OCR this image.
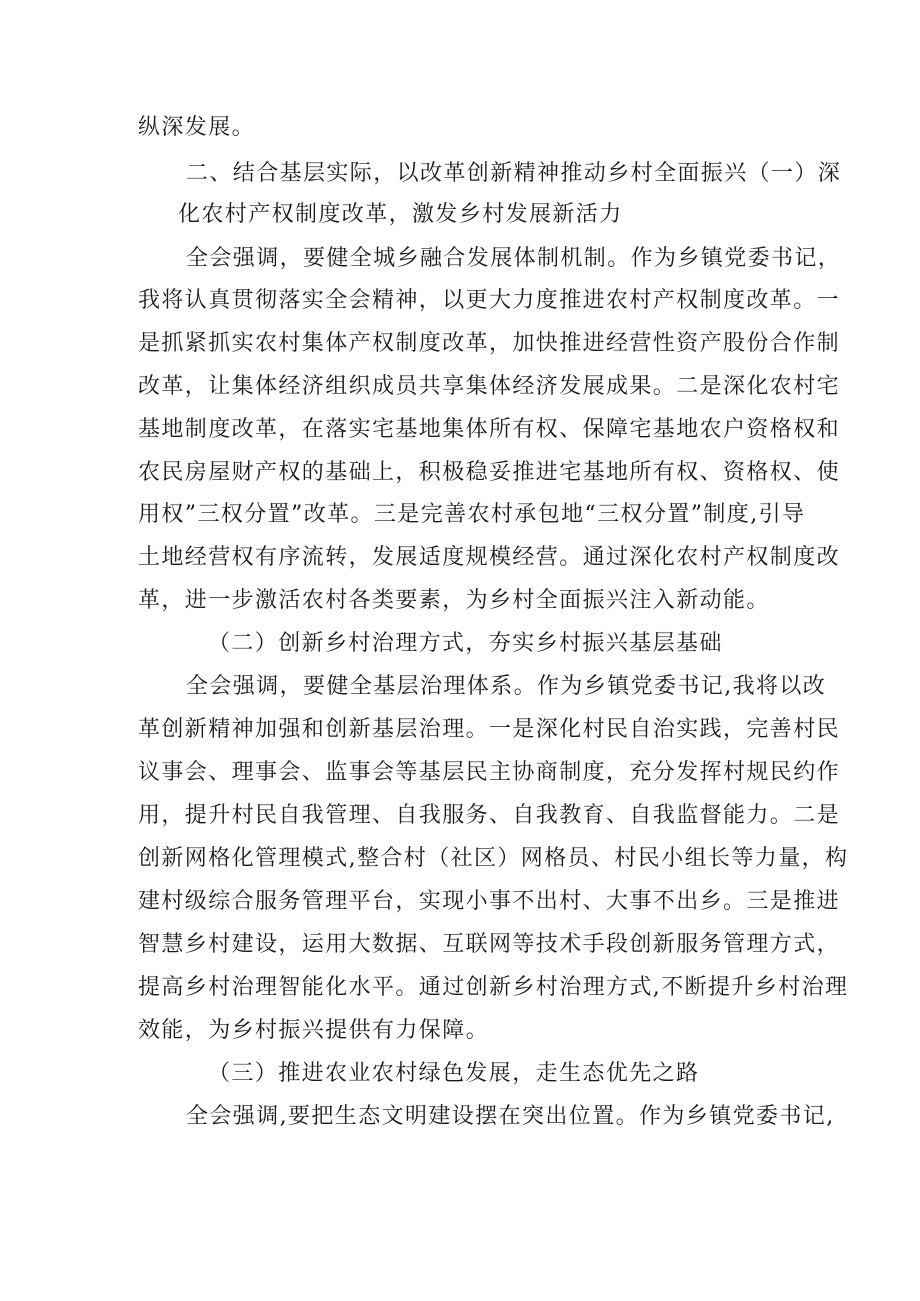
纵深发展。
二、结合基层实际，以改革创新精神推动乡村全面振兴（一）深
化农村产权制度改革，激发乡村发展新活力
全会强调，要健全城乡融合发展体制机制。作为乡镇党委书记，
我将认真贯彻落实全会精神，以更大力度推进农村产权制度改革。一
是抓紧抓实农村集体产权制度改革，加快推进经营性资产股份合作制
改革，让集体经济组织成员共享集体经济发展成果。二是深化农村宅
基地制度改革，在落实宅基地集体所有权、保障宅基地农户资格权和
农民房屋财产权的基础上，积极稳妥推进宅基地所有权、资格权、使
用权”三权分置”改革。三是完善农村承包地“三权分置”制度,引导
土地经营权有序流转，发展适度规模经营。通过深化农村产权制度改
革，进一步激活农村各类要素，为乡村全面振兴注入新动能。
（二）创新乡村治理方式，夯实乡村振兴基层基础
全会强调，要健全基层治理体系。作为乡镇党委书记,我将以改
革创新精神加强和创新基层治理。一是深化村民自治实践，完善村民
议事会、理事会、监事会等基层民主协商制度，充分发挥村规民约作
用，提升村民自我管理、自我服务、自我教育、自我监督能力。二是
创新网格化管理模式,整合村（社区）网格员、村民小组长等力量，构
建村级综合服务管理平台，实现小事不出村、大事不出乡。三是推进
智慧乡村建设，运用大数据、互联网等技术手段创新服务管理方式，
提高乡村治理智能化水平。通过创新乡村治理方式,不断提升乡村治理
效能，为乡村振兴提供有力保障。
（三）推进农业农村绿色发展，走生态优先之路
全会强调,要把生态文明建设摆在突出位置。作为乡镇党委书记,
